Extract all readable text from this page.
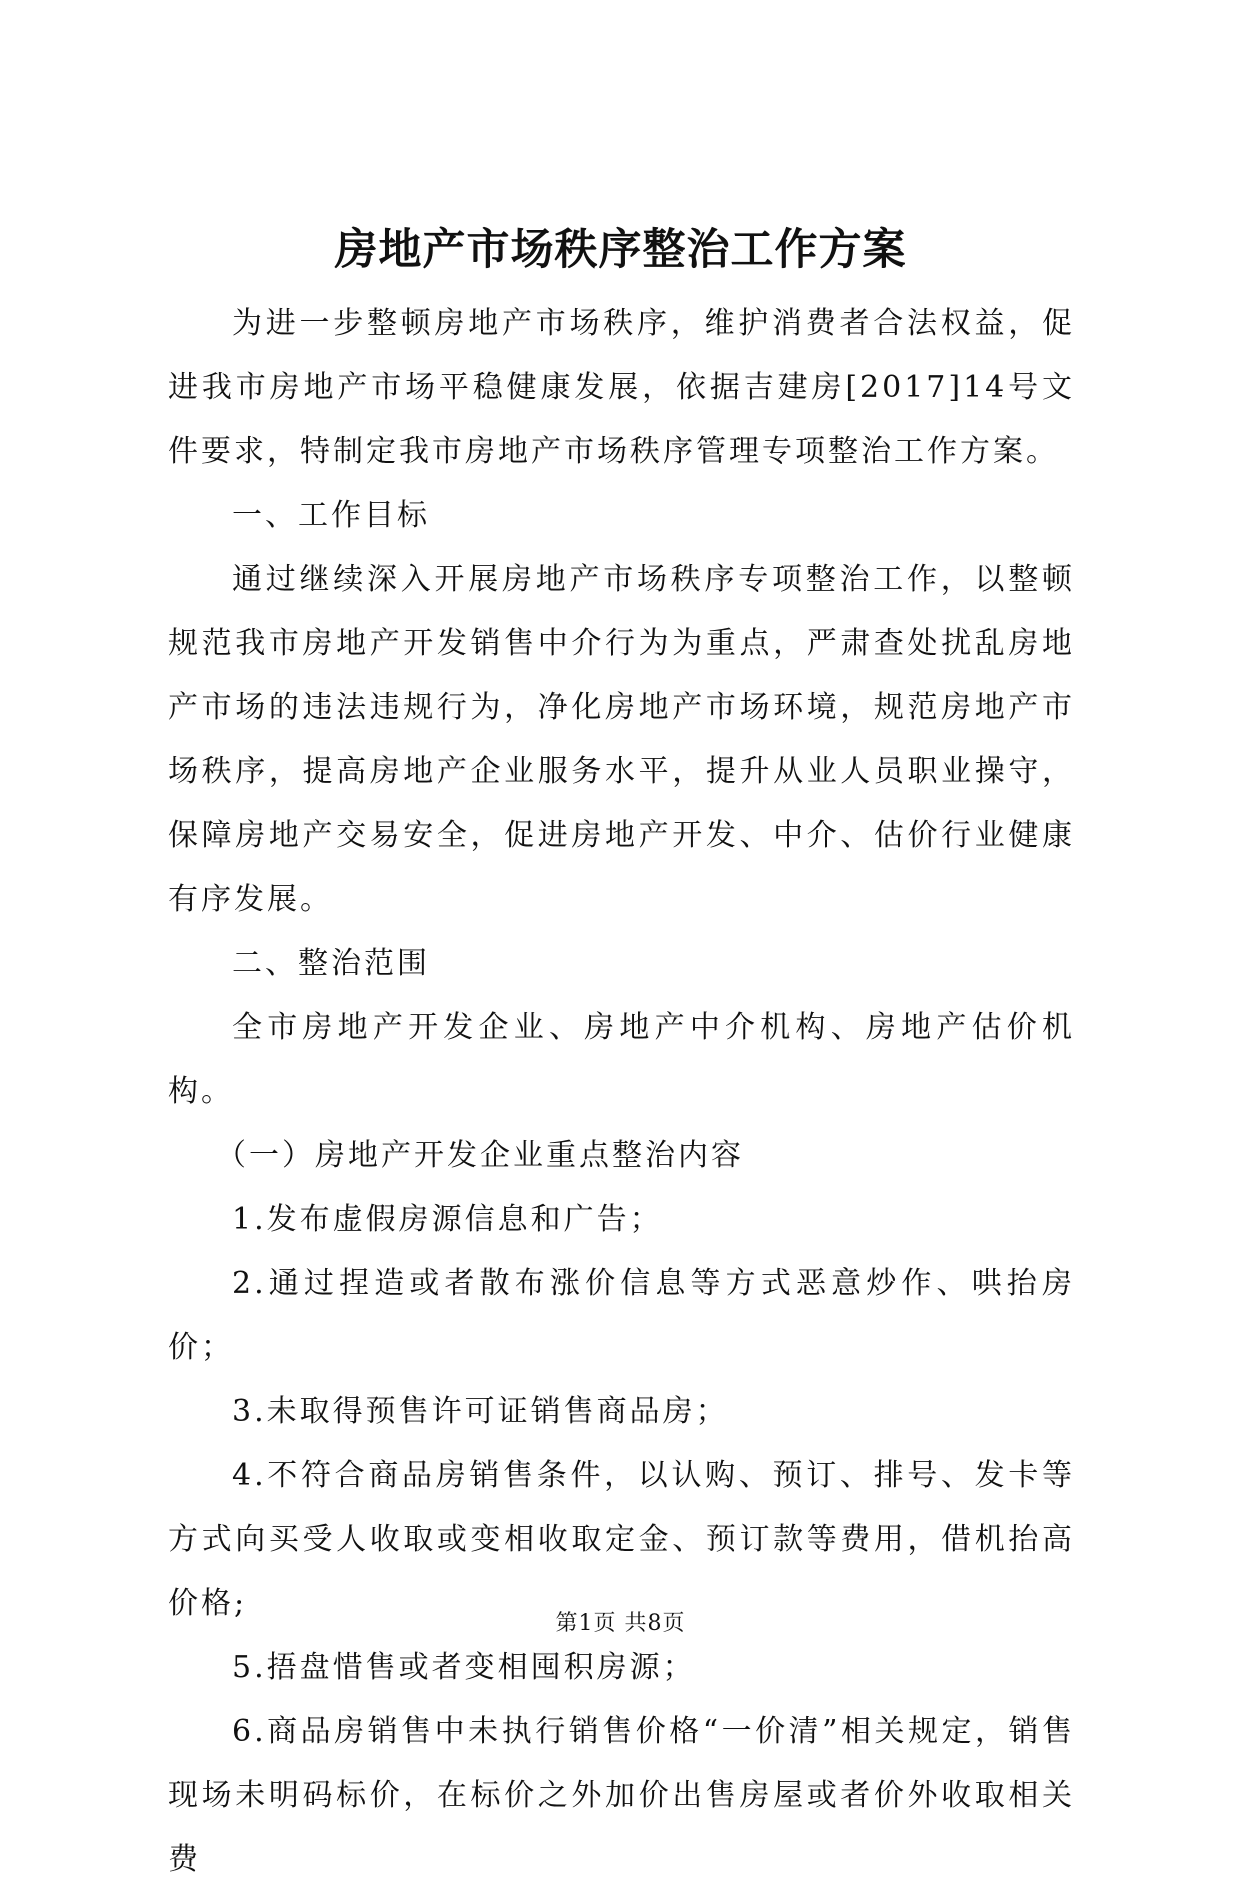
房地产市场秩序整治工作方案

为进一步整顿房地产市场秩序，维护消费者合法权益，促进我市房地产市场平稳健康发展，依据吉建房[2017]14号文件要求，特制定我市房地产市场秩序管理专项整治工作方案。

一、工作目标

通过继续深入开展房地产市场秩序专项整治工作，以整顿规范我市房地产开发销售中介行为为重点，严肃查处扰乱房地产市场的违法违规行为，净化房地产市场环境，规范房地产市场秩序，提高房地产企业服务水平，提升从业人员职业操守，保障房地产交易安全，促进房地产开发、中介、估价行业健康有序发展。

二、整治范围

全市房地产开发企业、房地产中介机构、房地产估价机构。

（一）房地产开发企业重点整治内容

1.发布虚假房源信息和广告；

2.通过捏造或者散布涨价信息等方式恶意炒作、哄抬房价；

3.未取得预售许可证销售商品房；

4.不符合商品房销售条件，以认购、预订、排号、发卡等方式向买受人收取或变相收取定金、预订款等费用，借机抬高价格;

5.捂盘惜售或者变相囤积房源；

6.商品房销售中未执行销售价格“一价清”相关规定，销售现场未明码标价，在标价之外加价出售房屋或者价外收取相关费

第1页 共8页
